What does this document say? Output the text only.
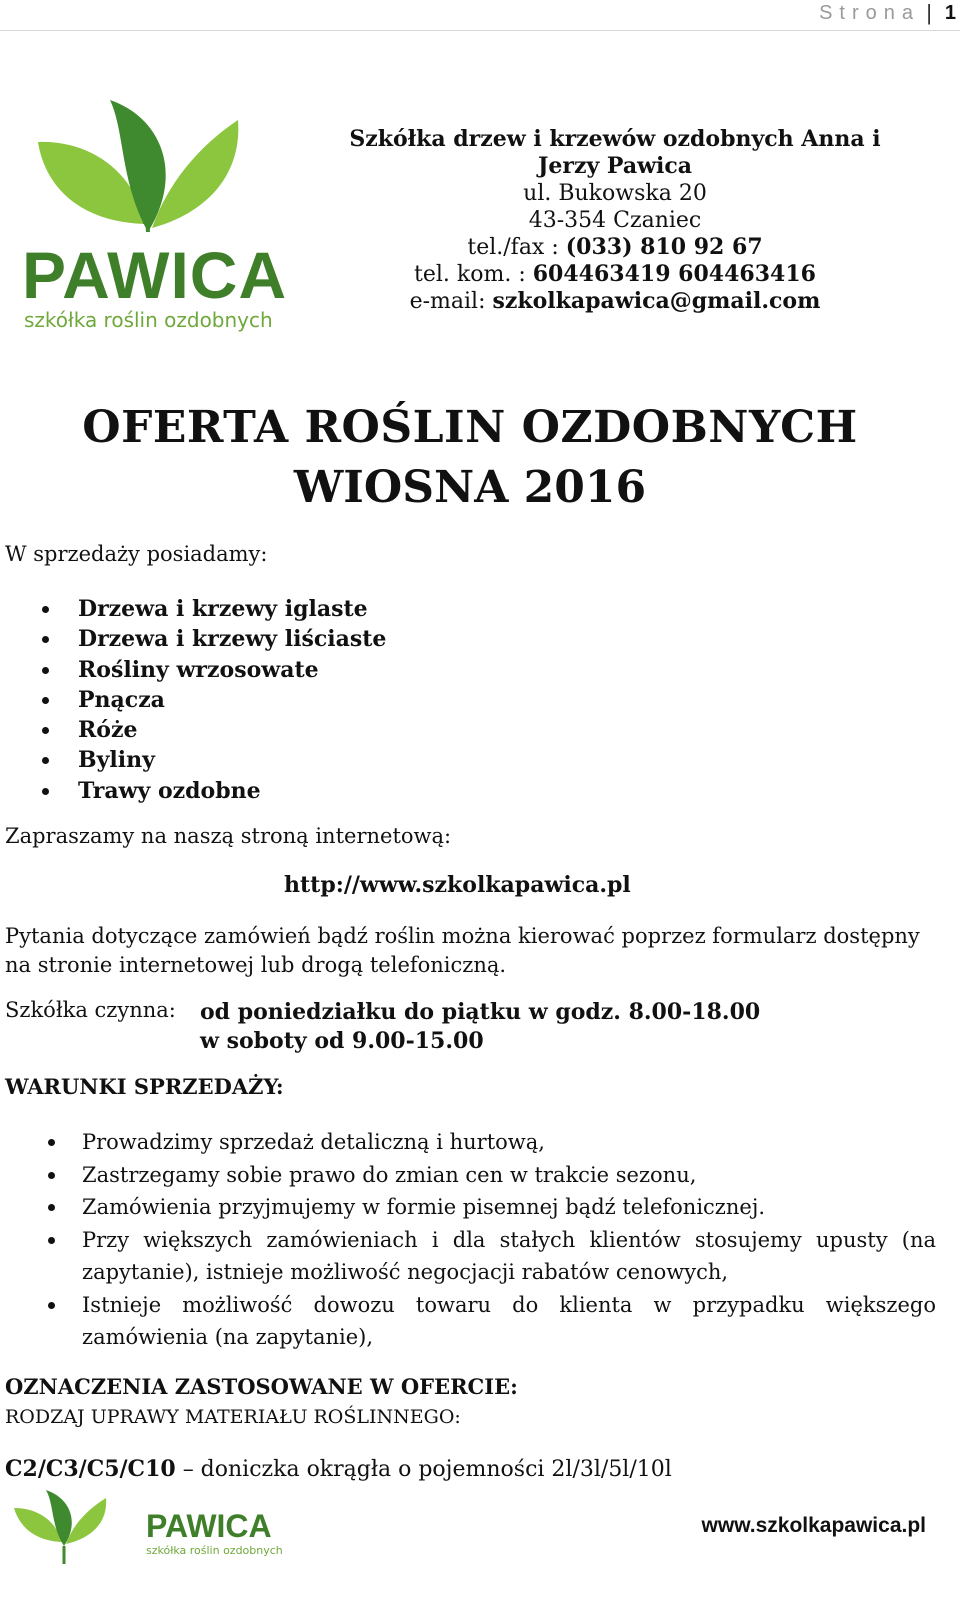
Strona | 1
PAWICA
szkółka roślin ozdobnych
Szkółka drzew i krzewów ozdobnych Anna i
Jerzy Pawica
ul. Bukowska 20
43-354 Czaniec
tel./fax : (033) 810 92 67
tel. kom. : 604463419 604463416
e-mail: szkolkapawica@gmail.com
OFERTA ROŚLIN OZDOBNYCH
WIOSNA 2016
W sprzedaży posiadamy:
Drzewa i krzewy iglaste
Drzewa i krzewy liściaste
Rośliny wrzosowate
Pnącza
Róże
Byliny
Trawy ozdobne
Zapraszamy na naszą stroną internetową:
http://www.szkolkapawica.pl
Pytania dotyczące zamówień bądź roślin można kierować poprzez formularz dostępny
na stronie internetowej lub drogą telefoniczną.
Szkółka czynna: od poniedziałku do piątku w godz. 8.00-18.00
w soboty od 9.00-15.00
WARUNKI SPRZEDAŻY:
Prowadzimy sprzedaż detaliczną i hurtową,
Zastrzegamy sobie prawo do zmian cen w trakcie sezonu,
Zamówienia przyjmujemy w formie pisemnej bądź telefonicznej.
Przy większych zamówieniach i dla stałych klientów stosujemy upusty (na zapytanie), istnieje możliwość negocjacji rabatów cenowych,
Istnieje możliwość dowozu towaru do klienta w przypadku większego zamówienia (na zapytanie),
OZNACZENIA ZASTOSOWANE W OFERCIE:
RODZAJ UPRAWY MATERIAŁU ROŚLINNEGO:
C2/C3/C5/C10 – doniczka okrągła o pojemności 2l/3l/5l/10l
PAWICA
szkółka roślin ozdobnych
www.szkolkapawica.pl
